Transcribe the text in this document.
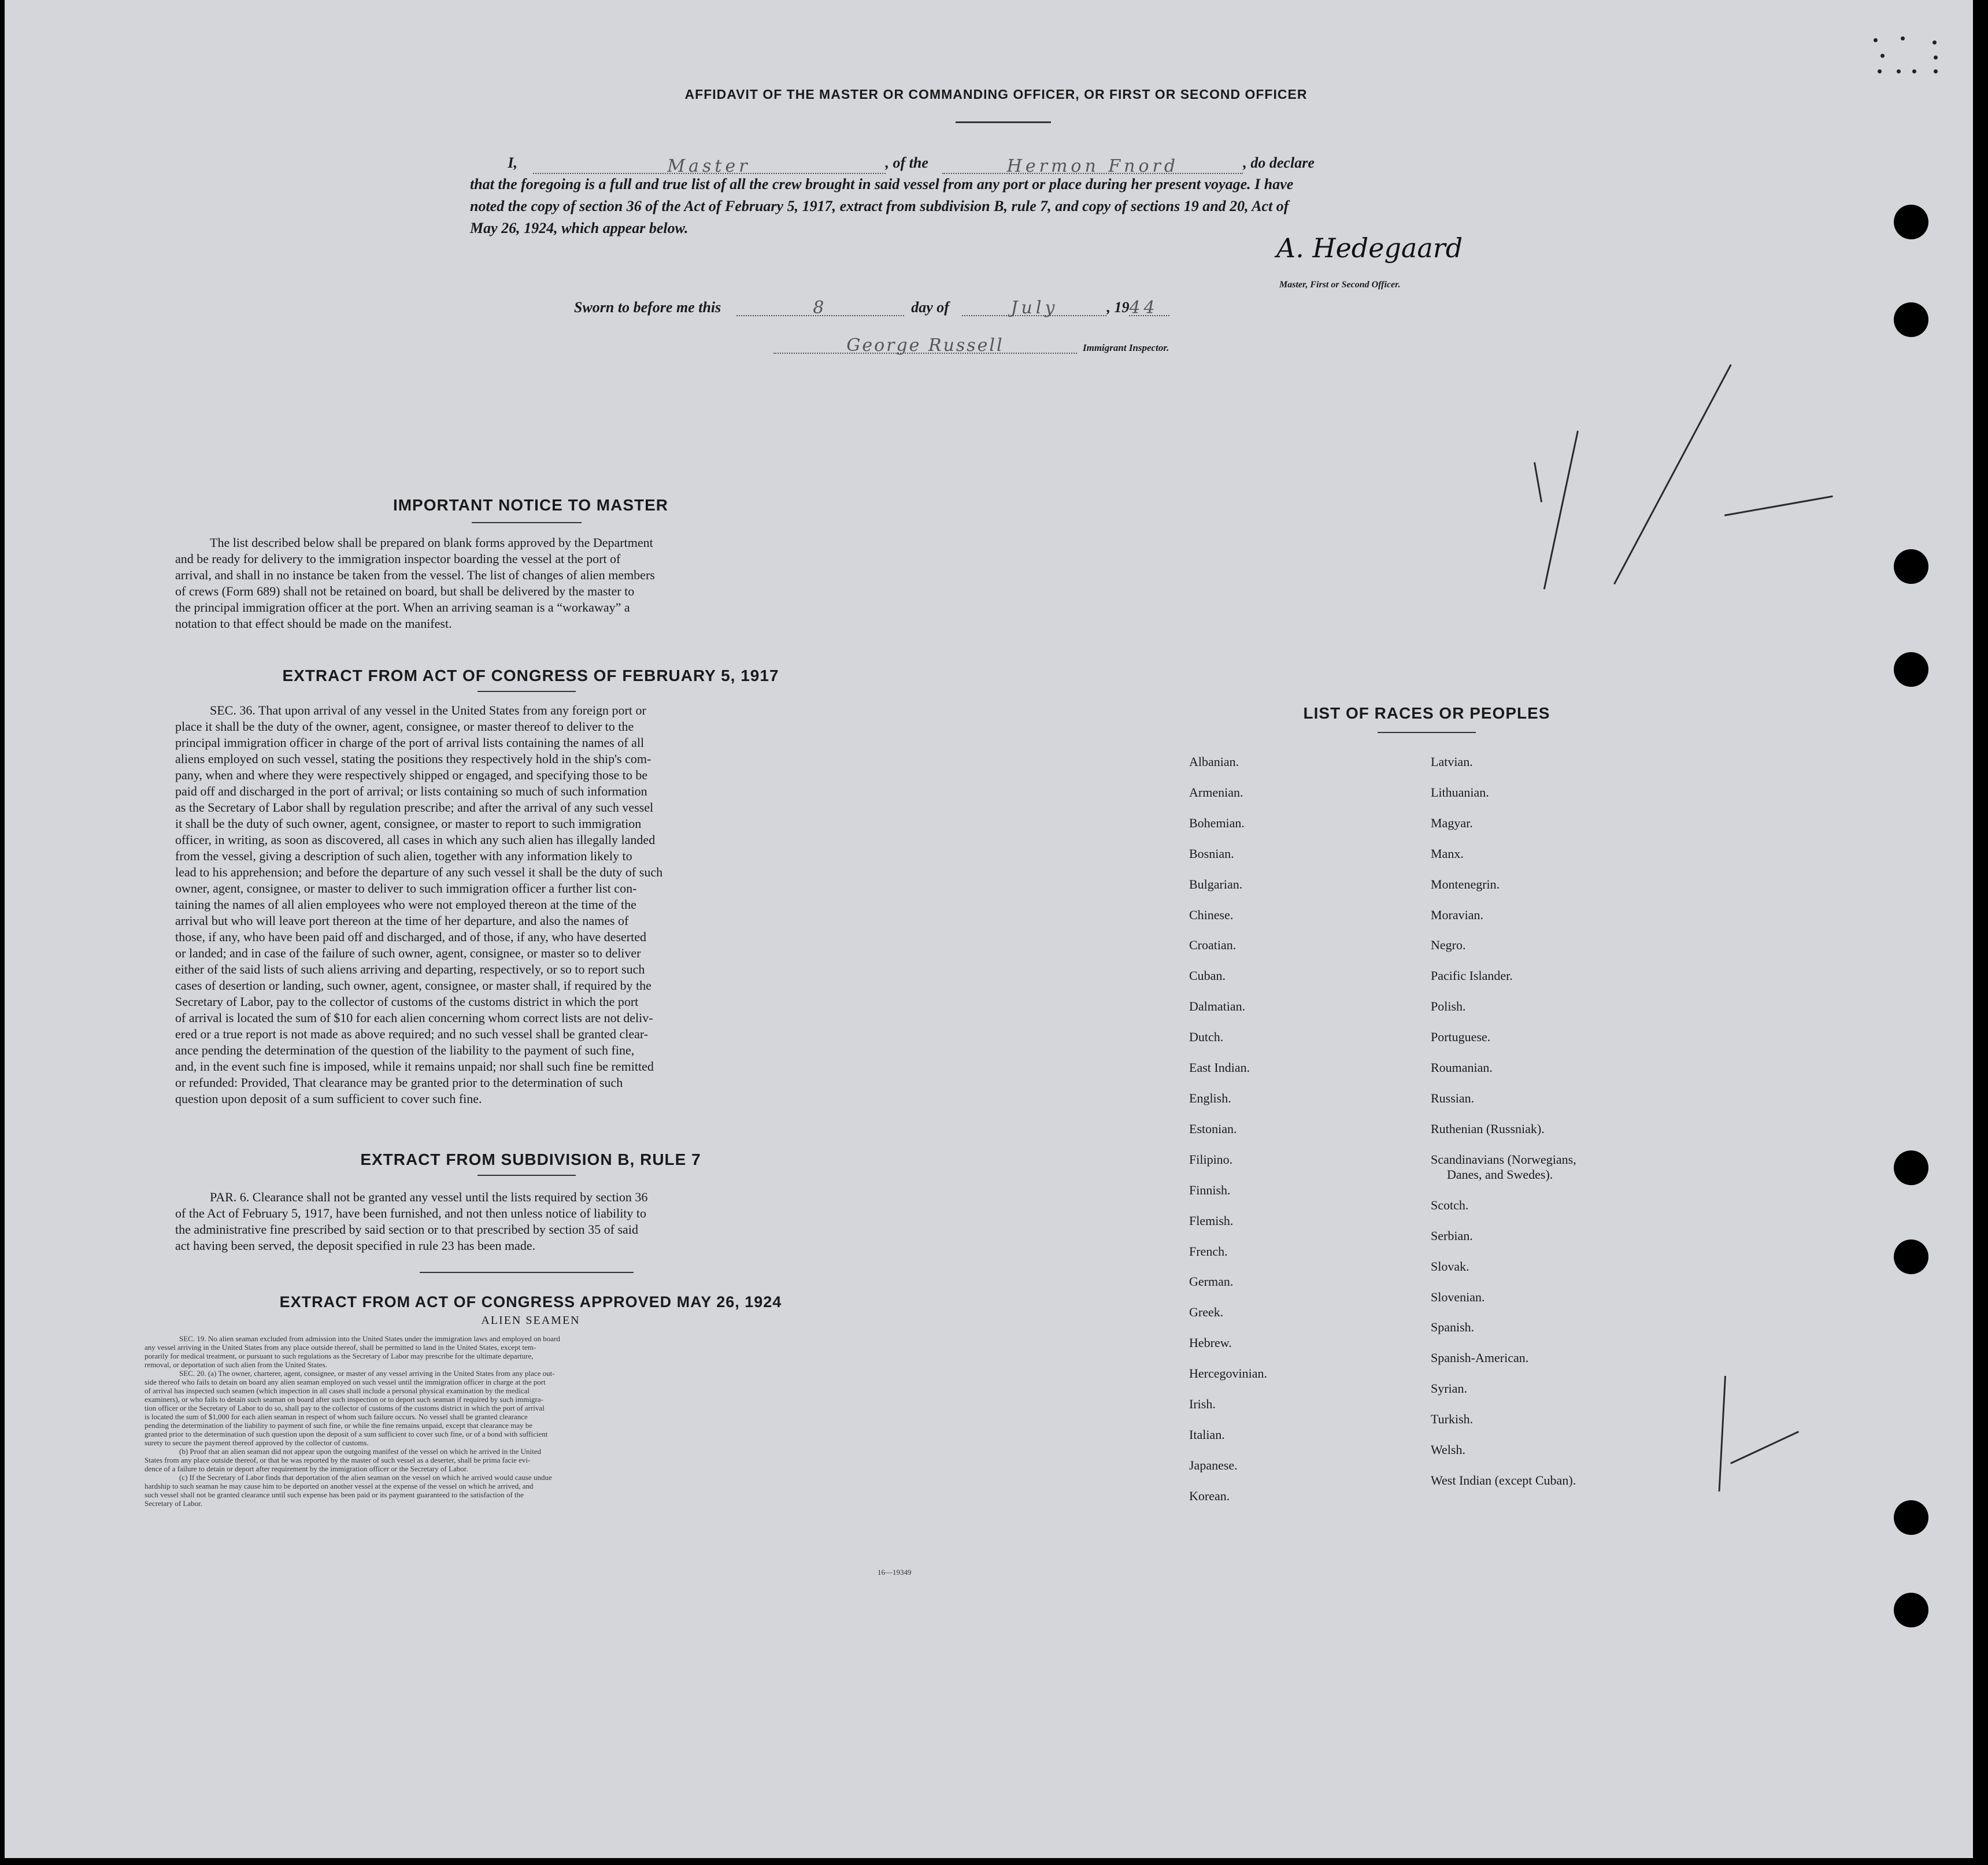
AFFIDAVIT OF THE MASTER OR COMMANDING OFFICER, OR FIRST OR SECOND OFFICER
I,	Master	, of the	Hermon Fnord	, do declare
that the foregoing is a full and true list of all the crew brought in said vessel from any port or place during her present voyage. I have
noted the copy of section 36 of the Act of February 5, 1917, extract from subdivision B, rule 7, and copy of sections 19 and 20, Act of
May 26, 1924, which appear below.
A. Hedegaard
Master, First or Second Officer.
Sworn to before me this	8	day of	July	, 1944
George Russell	Immigrant Inspector.
IMPORTANT NOTICE TO MASTER
The list described below shall be prepared on blank forms approved by the Department
and be ready for delivery to the immigration inspector boarding the vessel at the port of
arrival, and shall in no instance be taken from the vessel. The list of changes of alien members
of crews (Form 689) shall not be retained on board, but shall be delivered by the master to
the principal immigration officer at the port. When an arriving seaman is a “workaway” a
notation to that effect should be made on the manifest.
EXTRACT FROM ACT OF CONGRESS OF FEBRUARY 5, 1917
SEC. 36. That upon arrival of any vessel in the United States from any foreign port or
place it shall be the duty of the owner, agent, consignee, or master thereof to deliver to the
principal immigration officer in charge of the port of arrival lists containing the names of all
aliens employed on such vessel, stating the positions they respectively hold in the ship's com-
pany, when and where they were respectively shipped or engaged, and specifying those to be
paid off and discharged in the port of arrival; or lists containing so much of such information
as the Secretary of Labor shall by regulation prescribe; and after the arrival of any such vessel
it shall be the duty of such owner, agent, consignee, or master to report to such immigration
officer, in writing, as soon as discovered, all cases in which any such alien has illegally landed
from the vessel, giving a description of such alien, together with any information likely to
lead to his apprehension; and before the departure of any such vessel it shall be the duty of such
owner, agent, consignee, or master to deliver to such immigration officer a further list con-
taining the names of all alien employees who were not employed thereon at the time of the
arrival but who will leave port thereon at the time of her departure, and also the names of
those, if any, who have been paid off and discharged, and of those, if any, who have deserted
or landed; and in case of the failure of such owner, agent, consignee, or master so to deliver
either of the said lists of such aliens arriving and departing, respectively, or so to report such
cases of desertion or landing, such owner, agent, consignee, or master shall, if required by the
Secretary of Labor, pay to the collector of customs of the customs district in which the port
of arrival is located the sum of $10 for each alien concerning whom correct lists are not deliv-
ered or a true report is not made as above required; and no such vessel shall be granted clear-
ance pending the determination of the question of the liability to the payment of such fine,
and, in the event such fine is imposed, while it remains unpaid; nor shall such fine be remitted
or refunded: Provided, That clearance may be granted prior to the determination of such
question upon deposit of a sum sufficient to cover such fine.
EXTRACT FROM SUBDIVISION B, RULE 7
PAR. 6. Clearance shall not be granted any vessel until the lists required by section 36
of the Act of February 5, 1917, have been furnished, and not then unless notice of liability to
the administrative fine prescribed by said section or to that prescribed by section 35 of said
act having been served, the deposit specified in rule 23 has been made.
EXTRACT FROM ACT OF CONGRESS APPROVED MAY 26, 1924
ALIEN SEAMEN
SEC. 19. No alien seaman excluded from admission into the United States under the immigration laws and employed on board
any vessel arriving in the United States from any place outside thereof, shall be permitted to land in the United States, except tem-
porarily for medical treatment, or pursuant to such regulations as the Secretary of Labor may prescribe for the ultimate departure,
removal, or deportation of such alien from the United States.
SEC. 20. (a) The owner, charterer, agent, consignee, or master of any vessel arriving in the United States from any place out-
side thereof who fails to detain on board any alien seaman employed on such vessel until the immigration officer in charge at the port
of arrival has inspected such seamen (which inspection in all cases shall include a personal physical examination by the medical
examiners), or who fails to detain such seaman on board after such inspection or to deport such seaman if required by such immigra-
tion officer or the Secretary of Labor to do so, shall pay to the collector of customs of the customs district in which the port of arrival
is located the sum of $1,000 for each alien seaman in respect of whom such failure occurs. No vessel shall be granted clearance
pending the determination of the liability to payment of such fine, or while the fine remains unpaid, except that clearance may be
granted prior to the determination of such question upon the deposit of a sum sufficient to cover such fine, or of a bond with sufficient
surety to secure the payment thereof approved by the collector of customs.
(b) Proof that an alien seaman did not appear upon the outgoing manifest of the vessel on which he arrived in the United
States from any place outside thereof, or that he was reported by the master of such vessel as a deserter, shall be prima facie evi-
dence of a failure to detain or deport after requirement by the immigration officer or the Secretary of Labor.
(c) If the Secretary of Labor finds that deportation of the alien seaman on the vessel on which he arrived would cause undue
hardship to such seaman he may cause him to be deported on another vessel at the expense of the vessel on which he arrived, and
such vessel shall not be granted clearance until such expense has been paid or its payment guaranteed to the satisfaction of the
Secretary of Labor.
16—19349
LIST OF RACES OR PEOPLES
Albanian.
Armenian.
Bohemian.
Bosnian.
Bulgarian.
Chinese.
Croatian.
Cuban.
Dalmatian.
Dutch.
East Indian.
English.
Estonian.
Filipino.
Finnish.
Flemish.
French.
German.
Greek.
Hebrew.
Hercegovinian.
Irish.
Italian.
Japanese.
Korean.
Latvian.
Lithuanian.
Magyar.
Manx.
Montenegrin.
Moravian.
Negro.
Pacific Islander.
Polish.
Portuguese.
Roumanian.
Russian.
Ruthenian (Russniak).
Scandinavians (Norwegians,
Danes, and Swedes).
Scotch.
Serbian.
Slovak.
Slovenian.
Spanish.
Spanish-American.
Syrian.
Turkish.
Welsh.
West Indian (except Cuban).
